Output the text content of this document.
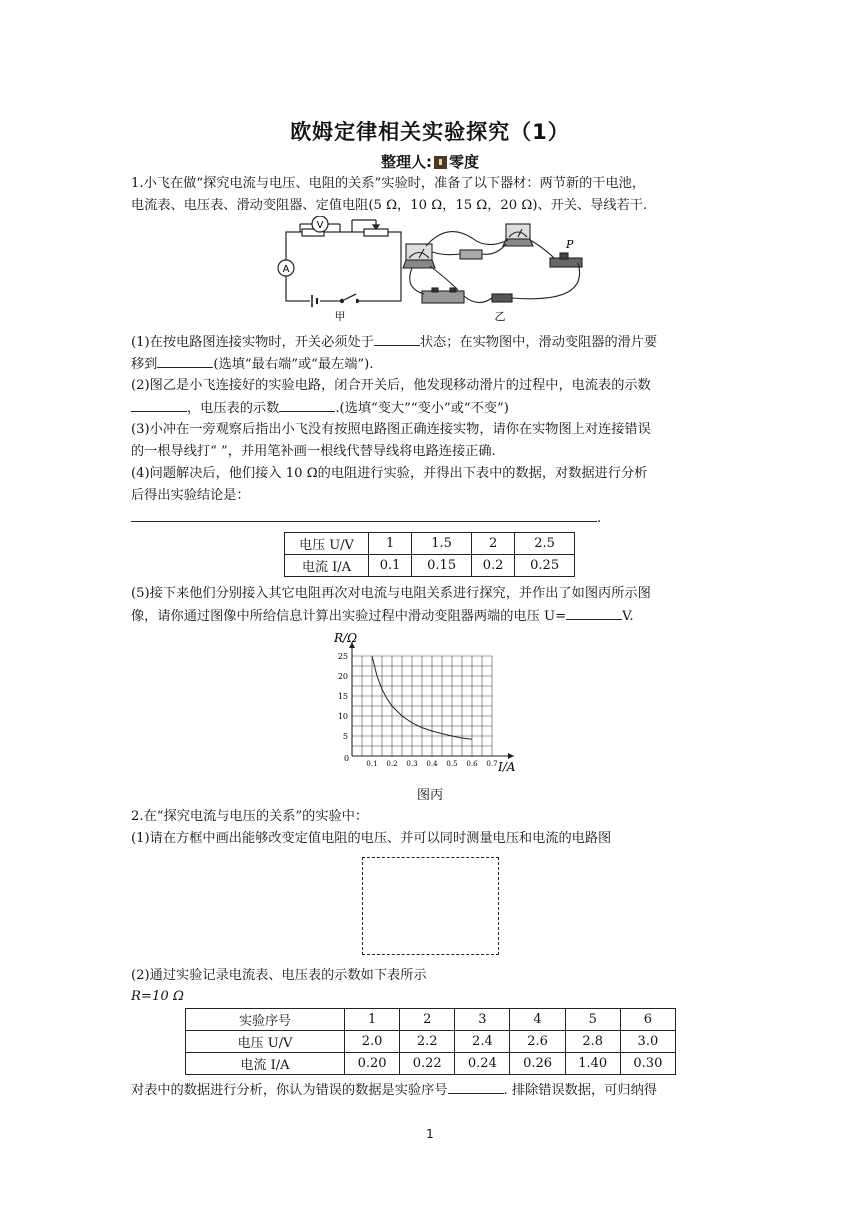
欧姆定律相关实验探究（1）
整理人: 零度
1.小飞在做“探究电流与电压、电阻的关系”实验时，准备了以下器材：两节新的干电池，
电流表、电压表、滑动变阻器、定值电阻(5 Ω，10 Ω，15 Ω，20 Ω)、开关、导线若干.
V
A
P
甲	乙
(1)在按电路图连接实物时，开关必须处于	状态；在实物图中，滑动变阻器的滑片要
移到	(选填“最右端”或“最左端”).
(2)图乙是小飞连接好的实验电路，闭合开关后，他发现移动滑片的过程中，电流表的示数
，电压表的示数	.(选填“变大”“变小”或“不变”)
(3)小冲在一旁观察后指出小飞没有按照电路图正确连接实物，请你在实物图上对连接错误
的一根导线打“ ”，并用笔补画一根线代替导线将电路连接正确.
(4)问题解决后，他们接入 10 Ω的电阻进行实验，并得出下表中的数据，对数据进行分析
后得出实验结论是：
.
电压 U/V	1	1.5	2	2.5
电流 I/A	0.1	0.15	0.2	0.25
(5)接下来他们分别接入其它电阻再次对电流与电阻关系进行探究，并作出了如图丙所示图
像，请你通过图像中所给信息计算出实验过程中滑动变阻器两端的电压 U=	V.
0.1 0.2 0.3 0.4 0.5 0.6 0.7
5
10
15
20
25
R/Ω
I/A
0
图丙
2.在“探究电流与电压的关系”的实验中：
(1)请在方框中画出能够改变定值电阻的电压、并可以同时测量电压和电流的电路图
(2)通过实验记录电流表、电压表的示数如下表所示
R=10 Ω
实验序号	1	2	3	4	5	6
电压 U/V	2.0	2.2	2.4	2.6	2.8	3.0
电流 I/A	0.20	0.22	0.24	0.26	1.40	0.30
对表中的数据进行分析，你认为错误的数据是实验序号	. 排除错误数据，可归纳得
1
